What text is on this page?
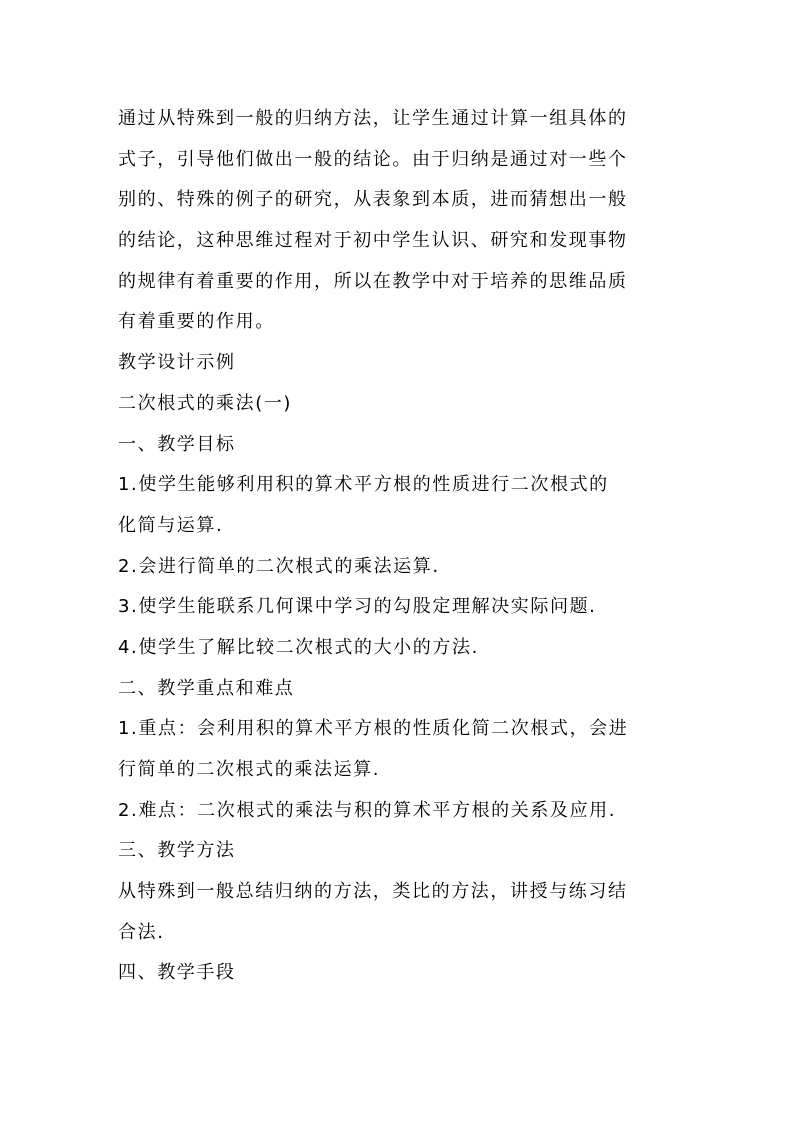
通过从特殊到一般的归纳方法，让学生通过计算一组具体的
式子，引导他们做出一般的结论。由于归纳是通过对一些个
别的、特殊的例子的研究，从表象到本质，进而猜想出一般
的结论，这种思维过程对于初中学生认识、研究和发现事物
的规律有着重要的作用，所以在教学中对于培养的思维品质
有着重要的作用。
教学设计示例
二次根式的乘法(一)
一、教学目标
1.使学生能够利用积的算术平方根的性质进行二次根式的
化简与运算.
2.会进行简单的二次根式的乘法运算.
3.使学生能联系几何课中学习的勾股定理解决实际问题.
4.使学生了解比较二次根式的大小的方法.
二、教学重点和难点
1.重点：会利用积的算术平方根的性质化简二次根式，会进
行简单的二次根式的乘法运算.
2.难点：二次根式的乘法与积的算术平方根的关系及应用.
三、教学方法
从特殊到一般总结归纳的方法，类比的方法，讲授与练习结
合法.
四、教学手段
